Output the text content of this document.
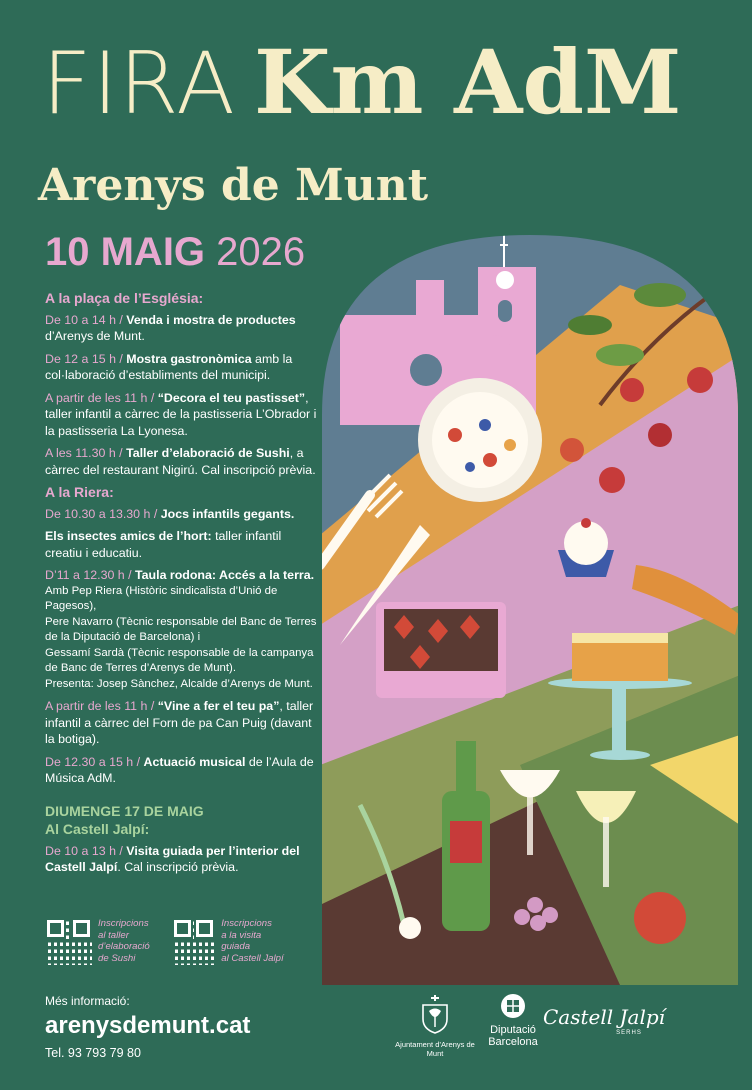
FIRA Km AdM
Arenys de Munt
10 MAIG 2026
A la plaça de l’Església:
De 10 a 14 h / Venda i mostra de productes d’Arenys de Munt.
De 12 a 15 h / Mostra gastronòmica amb la col·laboració d’establiments del municipi.
A partir de les 11 h / “Decora el teu pastisset”, taller infantil a càrrec de la pastisseria L’Obrador i la pastisseria La Lyonesa.
A les 11.30 h / Taller d’elaboració de Sushi, a càrrec del restaurant Nigirú. Cal inscripció prèvia.
A la Riera:
De 10.30 a 13.30 h / Jocs infantils gegants.
Els insectes amics de l’hort: taller infantil creatiu i educatiu.
D’11 a 12.30 h / Taula rodona: Accés a la terra.
Amb Pep Riera (Històric sindicalista d’Unió de Pagesos),
Pere Navarro (Tècnic responsable del Banc de Terres de la Diputació de Barcelona) i
Gessamí Sardà (Tècnic responsable de la campanya de Banc de Terres d’Arenys de Munt).
Presenta: Josep Sànchez, Alcalde d’Arenys de Munt.
A partir de les 11 h / “Vine a fer el teu pa”, taller infantil a càrrec del Forn de pa Can Puig (davant la botiga).
De 12.30 a 15 h / Actuació musical de l’Aula de Música AdM.
DIUMENGE 17 DE MAIG
Al Castell Jalpí:
De 10 a 13 h / Visita guiada per l’interior del Castell Jalpí. Cal inscripció prèvia.
Inscripcions
al taller
d’elaboració
de Sushi
Inscripcions
a la visita guiada
al Castell Jalpí
Més informació:
arenysdemunt.cat
Tel. 93 793 79 80
Ajuntament d’Arenys de Munt
Diputació Barcelona
Castell Jalpí
SERHS
